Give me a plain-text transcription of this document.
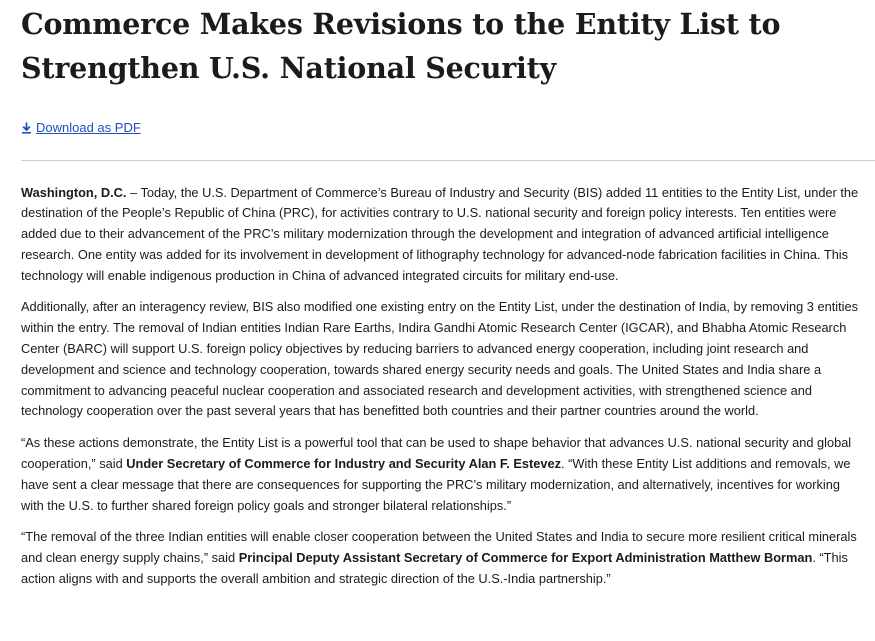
Commerce Makes Revisions to the Entity List to Strengthen U.S. National Security
Download as PDF

Washington, D.C. – Today, the U.S. Department of Commerce’s Bureau of Industry and Security (BIS) added 11 entities to the Entity List, under the destination of the People’s Republic of China (PRC), for activities contrary to U.S. national security and foreign policy interests. Ten entities were added due to their advancement of the PRC’s military modernization through the development and integration of advanced artificial intelligence research. One entity was added for its involvement in development of lithography technology for advanced-node fabrication facilities in China. This technology will enable indigenous production in China of advanced integrated circuits for military end-use.

Additionally, after an interagency review, BIS also modified one existing entry on the Entity List, under the destination of India, by removing 3 entities within the entry. The removal of Indian entities Indian Rare Earths, Indira Gandhi Atomic Research Center (IGCAR), and Bhabha Atomic Research Center (BARC) will support U.S. foreign policy objectives by reducing barriers to advanced energy cooperation, including joint research and development and science and technology cooperation, towards shared energy security needs and goals. The United States and India share a commitment to advancing peaceful nuclear cooperation and associated research and development activities, with strengthened science and technology cooperation over the past several years that has benefitted both countries and their partner countries around the world.

“As these actions demonstrate, the Entity List is a powerful tool that can be used to shape behavior that advances U.S. national security and global cooperation,” said Under Secretary of Commerce for Industry and Security Alan F. Estevez. “With these Entity List additions and removals, we have sent a clear message that there are consequences for supporting the PRC’s military modernization, and alternatively, incentives for working with the U.S. to further shared foreign policy goals and stronger bilateral relationships.”

“The removal of the three Indian entities will enable closer cooperation between the United States and India to secure more resilient critical minerals and clean energy supply chains,” said Principal Deputy Assistant Secretary of Commerce for Export Administration Matthew Borman. “This action aligns with and supports the overall ambition and strategic direction of the U.S.-India partnership.”
